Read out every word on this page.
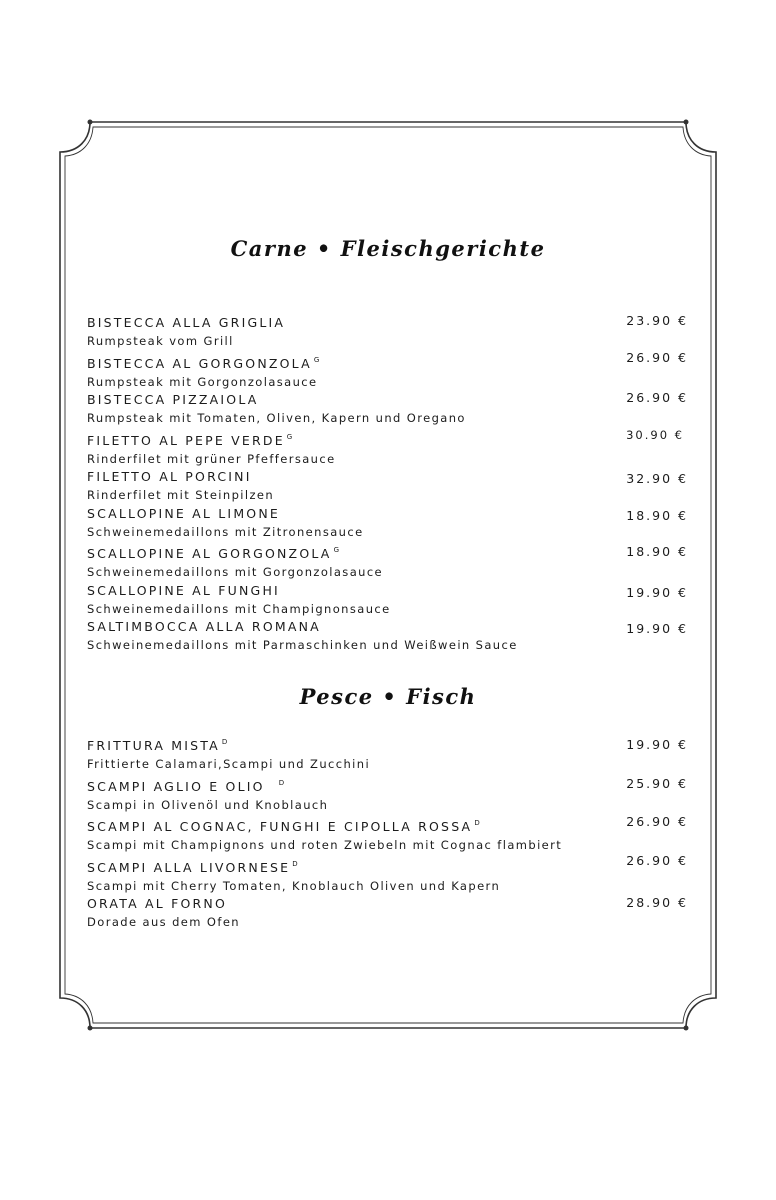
Carne • Fleischgerichte
BISTECCA ALLA GRIGLIA
Rumpsteak vom Grill
23.90 €
BISTECCA AL GORGONZOLA $^G$
Rumpsteak mit Gorgonzolasauce
26.90 €
BISTECCA PIZZAIOLA
Rumpsteak mit Tomaten, Oliven, Kapern und Oregano
26.90 €
FILETTO AL PEPE VERDE $^G$
Rinderfilet mit grüner Pfeffersauce
30.90 €
FILETTO AL PORCINI
Rinderfilet mit Steinpilzen
32.90 €
SCALLOPINE AL LIMONE
Schweinemedaillons mit Zitronensauce
18.90 €
SCALLOPINE AL GORGONZOLA $^G$
Schweinemedaillons mit Gorgonzolasauce
18.90 €
SCALLOPINE AL FUNGHI
Schweinemedaillons mit Champignonsauce
19.90 €
SALTIMBOCCA ALLA ROMANA
Schweinemedaillons mit Parmaschinken und Weißwein Sauce
19.90 €
Pesce • Fisch
FRITTURA MISTA $^D$
Frittierte Calamari,Scampi und Zucchini
19.90 €
SCAMPI AGLIO E OLIO $^D$
Scampi in Olivenöl und Knoblauch
25.90 €
SCAMPI AL COGNAC, FUNGHI E CIPOLLA ROSSA $^D$
Scampi mit Champignons und roten Zwiebeln mit Cognac flambiert
26.90 €
SCAMPI ALLA LIVORNESE $^D$
Scampi mit Cherry Tomaten, Knoblauch Oliven und Kapern
26.90 €
ORATA AL FORNO
Dorade aus dem Ofen
28.90 €
